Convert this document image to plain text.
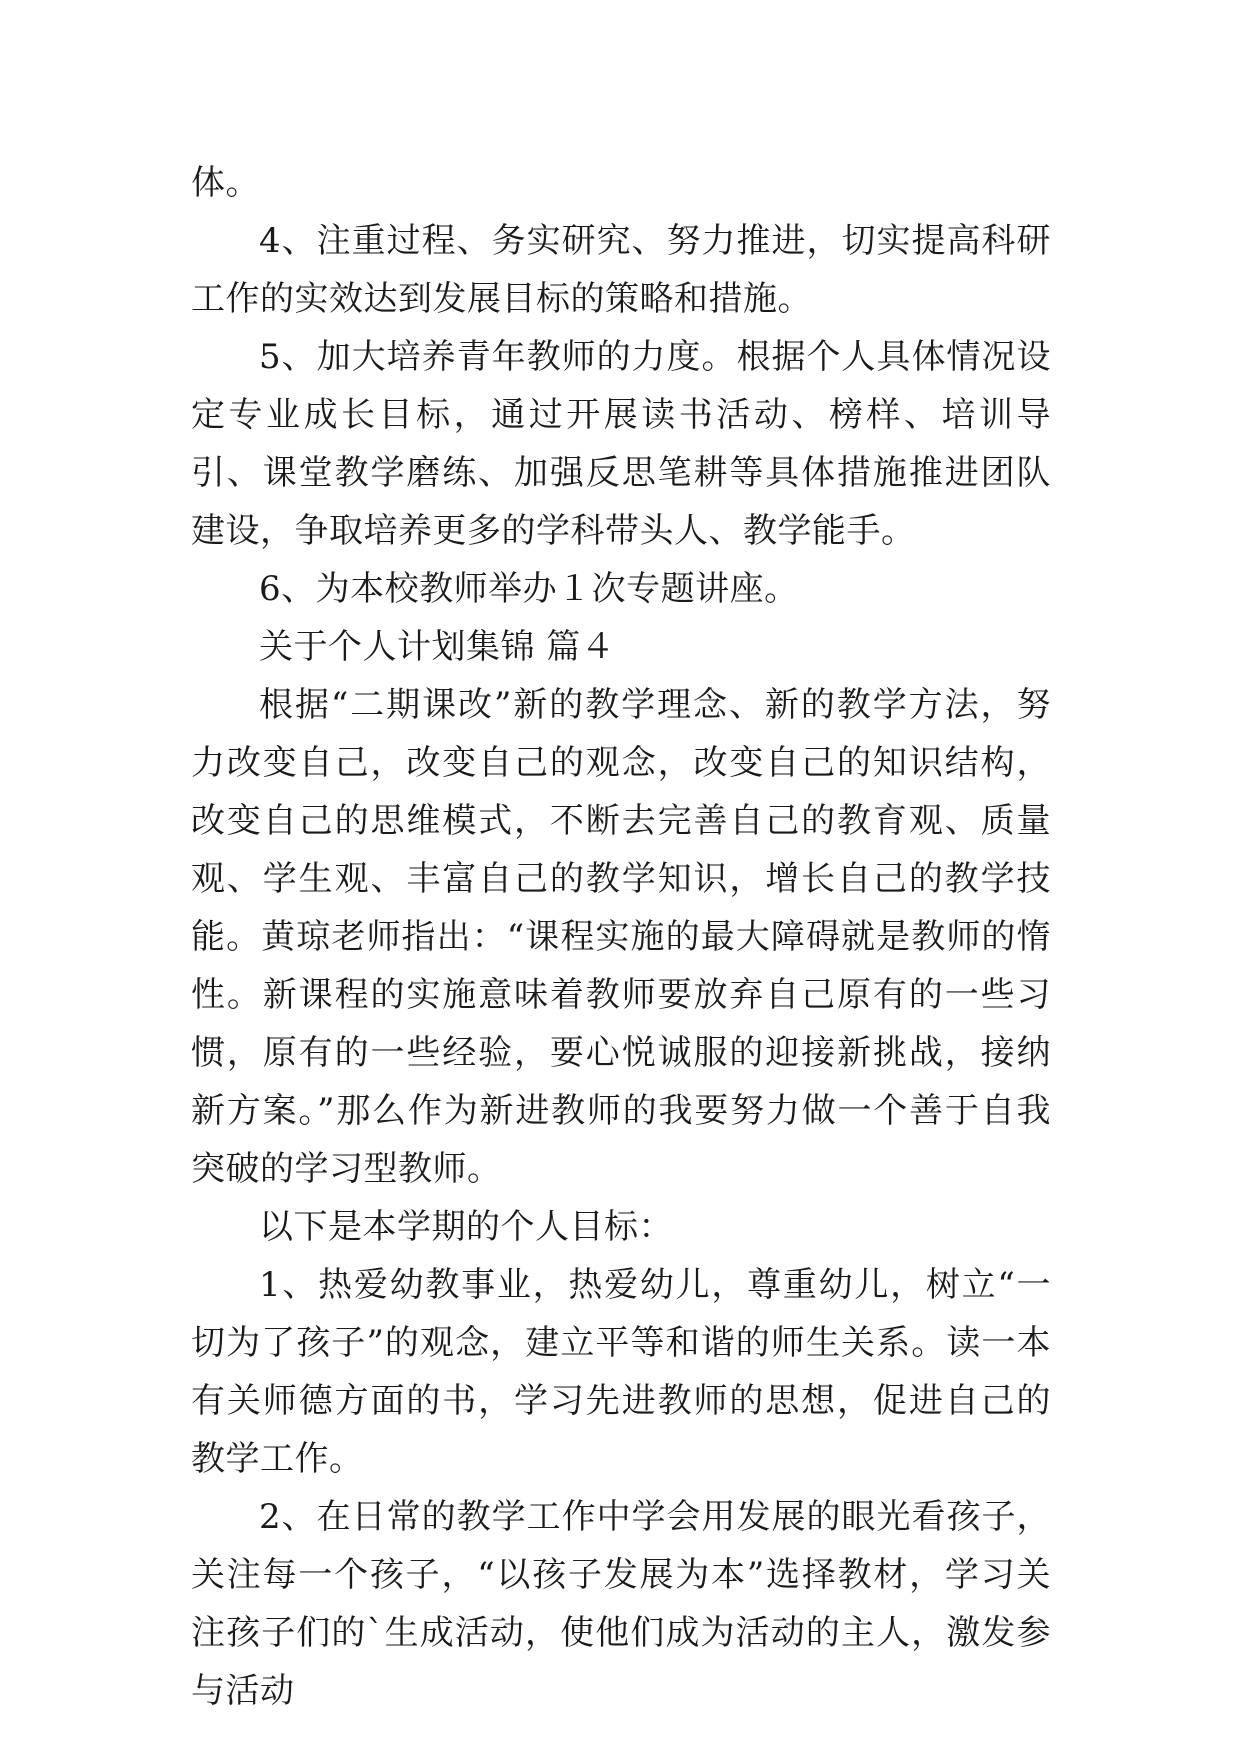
体。

4、注重过程、务实研究、努力推进，切实提高科研工作的实效达到发展目标的策略和措施。

5、加大培养青年教师的力度。根据个人具体情况设定专业成长目标，通过开展读书活动、榜样、培训导引、课堂教学磨练、加强反思笔耕等具体措施推进团队建设，争取培养更多的学科带头人、教学能手。

6、为本校教师举办１次专题讲座。

关于个人计划集锦 篇４

根据“二期课改”新的教学理念、新的教学方法，努力改变自己，改变自己的观念，改变自己的知识结构，改变自己的思维模式，不断去完善自己的教育观、质量观、学生观、丰富自己的教学知识，增长自己的教学技能。黄琼老师指出：“课程实施的最大障碍就是教师的惰性。新课程的实施意味着教师要放弃自己原有的一些习惯，原有的一些经验，要心悦诚服的迎接新挑战，接纳新方案。”那么作为新进教师的我要努力做一个善于自我突破的学习型教师。

以下是本学期的个人目标：

1、热爱幼教事业，热爱幼儿，尊重幼儿，树立“一切为了孩子”的观念，建立平等和谐的师生关系。读一本有关师德方面的书，学习先进教师的思想，促进自己的教学工作。

2、在日常的教学工作中学会用发展的眼光看孩子，关注每一个孩子，“以孩子发展为本”选择教材，学习关注孩子们的`生成活动，使他们成为活动的主人，激发参与活动
